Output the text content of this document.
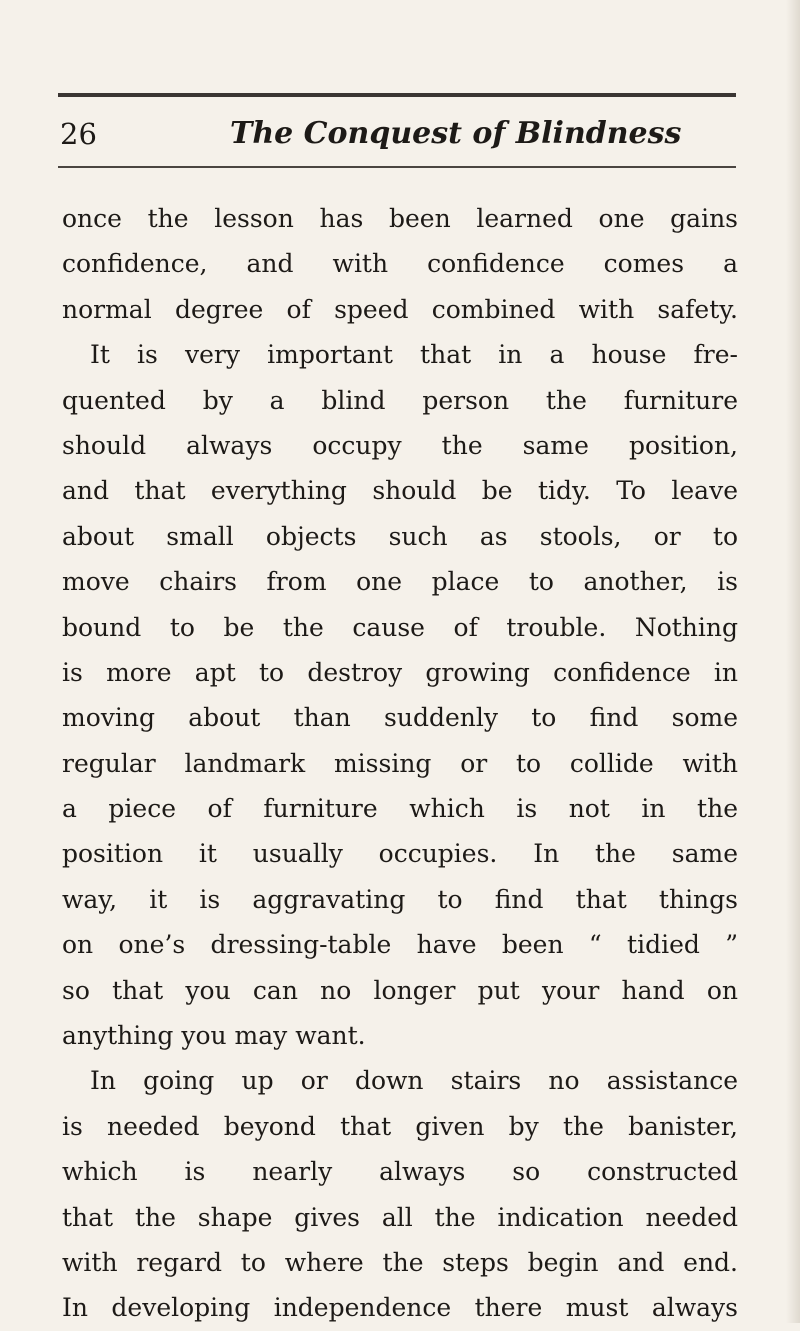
26	The Conquest of Blindness
once the lesson has been learned one gains
confidence, and with confidence comes a
normal degree of speed combined with safety.
It is very important that in a house fre-
quented by a blind person the furniture
should always occupy the same position,
and that everything should be tidy. To leave
about small objects such as stools, or to
move chairs from one place to another, is
bound to be the cause of trouble. Nothing
is more apt to destroy growing confidence in
moving about than suddenly to find some
regular landmark missing or to collide with
a piece of furniture which is not in the
position it usually occupies. In the same
way, it is aggravating to find that things
on one’s dressing-table have been “ tidied ”
so that you can no longer put your hand on
anything you may want.
In going up or down stairs no assistance
is needed beyond that given by the banister,
which is nearly always so constructed
that the shape gives all the indication needed
with regard to where the steps begin and end.
In developing independence there must always
